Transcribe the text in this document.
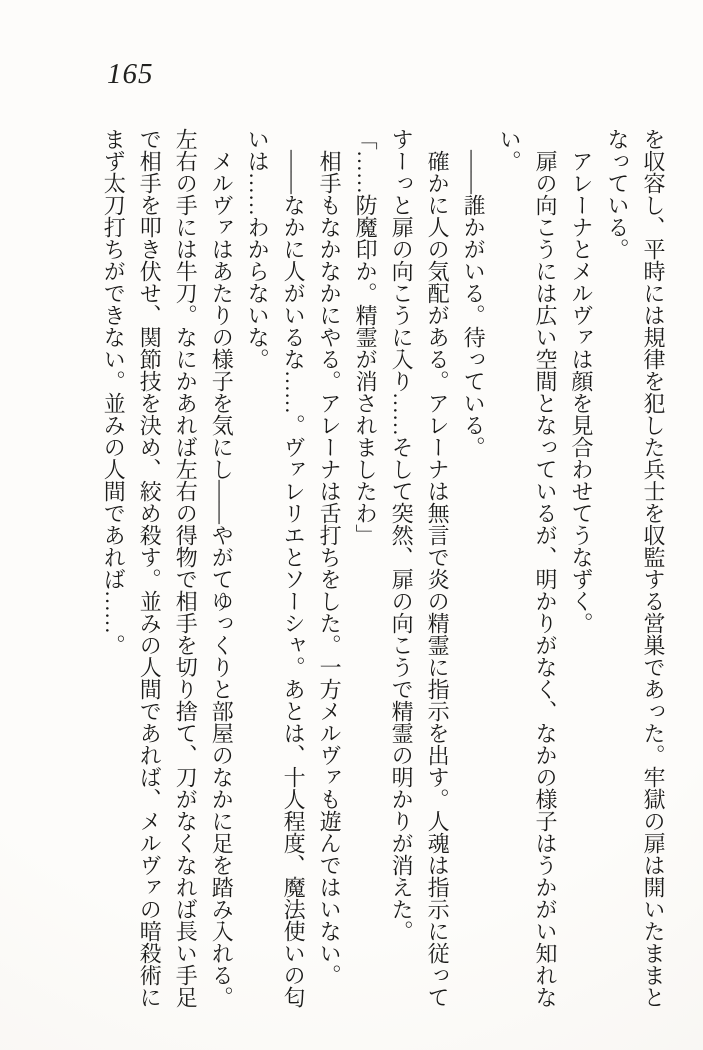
165

を収容し、平時には規律を犯した兵士を収監する営巣であった。牢獄の扉は開いたままとなっている。

アレーナとメルヴァは顔を見合わせてうなずく。

扉の向こうには広い空間となっているが、明かりがなく、なかの様子はうかがい知れない。

――誰かがいる。待っている。

確かに人の気配がある。アレーナは無言で炎の精霊に指示を出す。人魂は指示に従ってすーっと扉の向こうに入り……そして突然、扉の向こうで精霊の明かりが消えた。

「……防魔印か。精霊が消されましたわ」

相手もなかなかにやる。アレーナは舌打ちをした。一方メルヴァも遊んではいない。

――なかに人がいるな……。ヴァレリエとソーシャ。あとは、十人程度、魔法使いの匂いは……わからないな。

メルヴァはあたりの様子を気にし――やがてゆっくりと部屋のなかに足を踏み入れる。左右の手には牛刀。なにかあれば左右の得物で相手を切り捨て、刀がなくなれば長い手足で相手を叩き伏せ、関節技を決め、絞め殺す。並みの人間であれば、メルヴァの暗殺術にまず太刀打ちができない。並みの人間であれば……。
